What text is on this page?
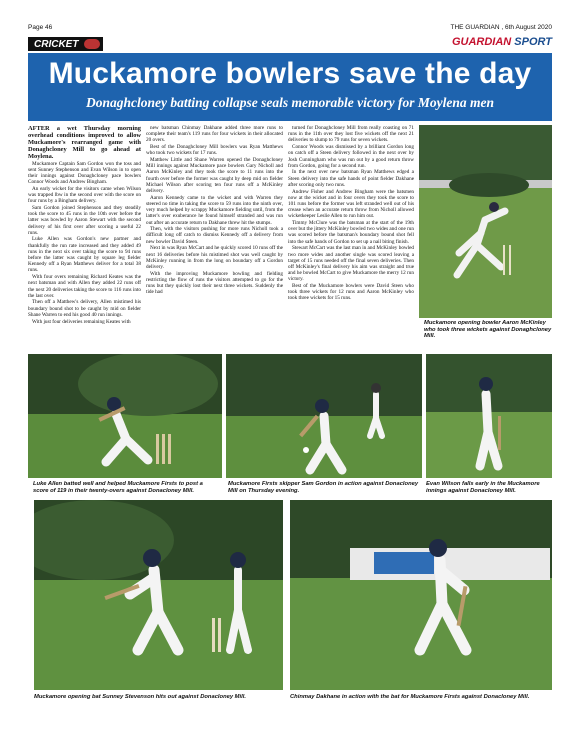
Page 46	THE GUARDIAN , 6th August 2020
CRICKET	GUARDIAN SPORT
Muckamore bowlers save the day
Donaghcloney batting collapse seals memorable victory for Moylena men

AFTER a wet Thursday morning overhead conditions improved to allow Muckamore's rearranged game with Donaghcloney Mill to go ahead at Moylena.

Muckamore Captain Sam Gordon won the toss and sent Sunney Stephenson and Evan Wilson in to open their innings against Donaghcloney pace bowlers Connor Woods and Andrew Bingham.

An early wicket for the visitors came when Wilson was trapped lbw in the second over with the score on four runs by a Bingham delivery.

Sam Gordon joined Stephenson and they steadily took the score to 45 runs in the 10th over before the latter was bowled by Aaron Stewart with the second delivery of his first over after scoring a useful 22 runs.

Luke Allen was Gordon's new partner and thankfully the run rate increased and they added 49 runs in the next six over taking the score to 94 runs before the latter was caught by square leg fielder Kennedy off a Ryan Matthews deliver for a total 38 runs.

With four overs remaining Richard Keates was the next batsman and with Allen they added 22 runs off the next 20 deliveries taking the score to 116 runs into the last over.

Then off a Matthew's delivery, Allen mistimed his boundary bound shot to be caught by mid on fielder Shane Warren to end his good 40 run innings.

With just four deliveries remaining Keates with

new batsman Chinmay Dakhane added three more runs to complete their team's 119 runs for four wickets in their allocated 20 overs.

Best of the Donaghcloney Mill bowlers was Ryan Matthews who took two wickets for 17 runs.

Matthew Little and Shane Warren opened the Donaghcloney Mill innings against Muckamore pace bowlers Gary Nicholl and Aaron McKinley and they took the score to 11 runs into the fourth over before the former was caught by deep mid on fielder Michael Wilson after scoring ten four runs off a McKinley delivery.

Aaron Kennedy came to the wicket and with Warren they steered no time in taking the score to 59 runs into the ninth over, very much helped by scrappy Muckamore fielding until, from the latter's over exuberance he found himself stranded and was run out after an accurate return to Dakhane threw hit the stumps.

Then, with the visitors pushing for more runs Nicholl took a difficult long off catch to dismiss Kennedy off a delivery from new bowler David Steen.

Next in was Ryan McCart and he quickly scored 10 runs off the next 16 deliveries before his mistimed shot was well caught by McKinley running in from the long on boundary off a Gordon delivery.

With the improving Muckamore bowling and fielding restricting the flow of runs the visitors attempted to go for the runs but they quickly lost their next three wickets. Suddenly the tide had

turned for Donaghcloney Mill from really coasting on 71 runs in the 11th over they lost five wickets off the next 21 deliveries to slump to 79 runs for seven wickets.

Connor Woods was dismissed by a brilliant Gordon long on catch off a Steen delivery followed in the next over by Josh Cunningham who was run out by a good return throw from Gordon, going for a second run.

In the next over new batsman Ryan Matthews edged a Steen delivery into the safe hands of point fielder Dakhane after scoring only two runs.

Andrew Fisher and Andrew Bingham were the batsmen now at the wicket and in four overs they took the score to 101 runs before the former was left stranded well out of his crease when an accurate return throw from Nicholl allowed wicketkeeper Leslie Allen to run him out.

Timmy McClure was the batsman at the start of the 19th over but the jittery McKinley bowled two wides and one run was scored before the batsman's boundary bound shot fell into the safe hands of Gordon to set up a nail biting finish.

Stewart McCart was the last man in and McKinley bowled two more wides and another single was scored leaving a target of 15 runs needed off the final seven deliveries. Then off McKinley's final delivery his aim was straight and true and he bowled McCart to give Muckamore the merry 12 run victory.

Best of the Muckamore bowlers were David Steen who took three wickets for 12 runs and Aaron McKinley who took three wickets for 15 runs.

Muckamore opening bowler Aaron McKinley who took three wickets against Donaghcloney Mill.
Luke Allen batted well and helped Muckamore Firsts to post a score of 119 in their twenty-overs against Donacloney Mill.
Muckamore Firsts skipper Sam Gordon in action against Donacloney Mill on Thursday evening.
Evan Wilson falls early in the Muckamore innings against Donacloney Mill.
Muckamore opening bat Sunney Stevenson hits out against Donacloney Mill.	Chinmay Dakhane in action with the bat for Muckamore Firsts against Donacloney Mill.
